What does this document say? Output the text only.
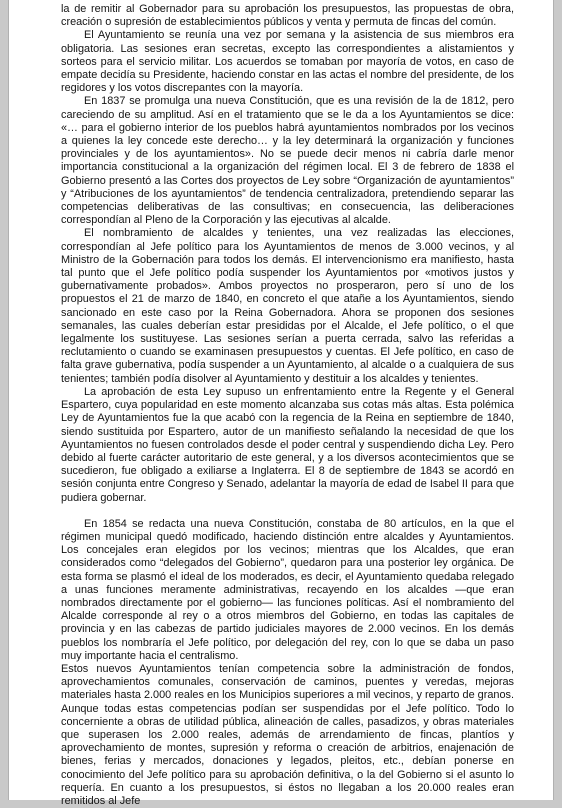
la de remitir al Gobernador para su aprobación los presupuestos, las propuestas de obra, creación o supresión de establecimientos públicos y venta y permuta de fincas del común.

El Ayuntamiento se reunía una vez por semana y la asistencia de sus miembros era obligatoria. Las sesiones eran secretas, excepto las correspondientes a alistamientos y sorteos para el servicio militar. Los acuerdos se tomaban por mayoría de votos, en caso de empate decidía su Presidente, haciendo constar en las actas el nombre del presidente, de los regidores y los votos discrepantes con la mayoría.

En 1837 se promulga una nueva Constitución, que es una revisión de la de 1812, pero careciendo de su amplitud. Así en el tratamiento que se le da a los Ayuntamientos se dice: «… para el gobierno interior de los pueblos habrá ayuntamientos nombrados por los vecinos a quienes la ley concede este derecho… y la ley determinará la organización y funciones provinciales y de los ayuntamientos». No se puede decir menos ni cabría darle menor importancia constitucional a la organización del régimen local. El 3 de febrero de 1838 el Gobierno presentó a las Cortes dos proyectos de Ley sobre “Organización de ayuntamientos” y “Atribuciones de los ayuntamientos” de tendencia centralizadora, pretendiendo separar las competencias deliberativas de las consultivas; en consecuencia, las deliberaciones correspondían al Pleno de la Corporación y las ejecutivas al alcalde.

El nombramiento de alcaldes y tenientes, una vez realizadas las elecciones, correspondían al Jefe político para los Ayuntamientos de menos de 3.000 vecinos, y al Ministro de la Gobernación para todos los demás. El intervencionismo era manifiesto, hasta tal punto que el Jefe político podía suspender los Ayuntamientos por «motivos justos y gubernativamente probados». Ambos proyectos no prosperaron, pero sí uno de los propuestos el 21 de marzo de 1840, en concreto el que atañe a los Ayuntamientos, siendo sancionado en este caso por la Reina Gobernadora. Ahora se proponen dos sesiones semanales, las cuales deberían estar presididas por el Alcalde, el Jefe político, o el que legalmente los sustituyese. Las sesiones serían a puerta cerrada, salvo las referidas a reclutamiento o cuando se examinasen presupuestos y cuentas. El Jefe político, en caso de falta grave gubernativa, podía suspender a un Ayuntamiento, al alcalde o a cualquiera de sus tenientes; también podía disolver al Ayuntamiento y destituir a los alcaldes y tenientes.

La aprobación de esta Ley supuso un enfrentamiento entre la Regente y el General Espartero, cuya popularidad en este momento alcanzaba sus cotas más altas. Esta polémica Ley de Ayuntamientos fue la que acabó con la regencia de la Reina en septiembre de 1840, siendo sustituida por Espartero, autor de un manifiesto señalando la necesidad de que los Ayuntamientos no fuesen controlados desde el poder central y suspendiendo dicha Ley. Pero debido al fuerte carácter autoritario de este general, y a los diversos acontecimientos que se sucedieron, fue obligado a exiliarse a Inglaterra. El 8 de septiembre de 1843 se acordó en sesión conjunta entre Congreso y Senado, adelantar la mayoría de edad de Isabel II para que pudiera gobernar.

En 1854 se redacta una nueva Constitución, constaba de 80 artículos, en la que el régimen municipal quedó modificado, haciendo distinción entre alcaldes y Ayuntamientos. Los concejales eran elegidos por los vecinos; mientras que los Alcaldes, que eran considerados como “delegados del Gobierno”, quedaron para una posterior ley orgánica. De esta forma se plasmó el ideal de los moderados, es decir, el Ayuntamiento quedaba relegado a unas funciones meramente administrativas, recayendo en los alcaldes —que eran nombrados directamente por el gobierno— las funciones políticas. Así el nombramiento del Alcalde corresponde al rey o a otros miembros del Gobierno, en todas las capitales de provincia y en las cabezas de partido judiciales mayores de 2.000 vecinos. En los demás pueblos los nombraría el Jefe político, por delegación del rey, con lo que se daba un paso muy importante hacia el centralismo.

Estos nuevos Ayuntamientos tenían competencia sobre la administración de fondos, aprovechamientos comunales, conservación de caminos, puentes y veredas, mejoras materiales hasta 2.000 reales en los Municipios superiores a mil vecinos, y reparto de granos. Aunque todas estas competencias podían ser suspendidas por el Jefe político. Todo lo concerniente a obras de utilidad pública, alineación de calles, pasadizos, y obras materiales que superasen los 2.000 reales, además de arrendamiento de fincas, plantíos y aprovechamiento de montes, supresión y reforma o creación de arbitrios, enajenación de bienes, ferias y mercados, donaciones y legados, pleitos, etc., debían ponerse en conocimiento del Jefe político para su aprobación definitiva, o la del Gobierno si el asunto lo requería. En cuanto a los presupuestos, si éstos no llegaban a los 20.000 reales eran remitidos al Jefe
